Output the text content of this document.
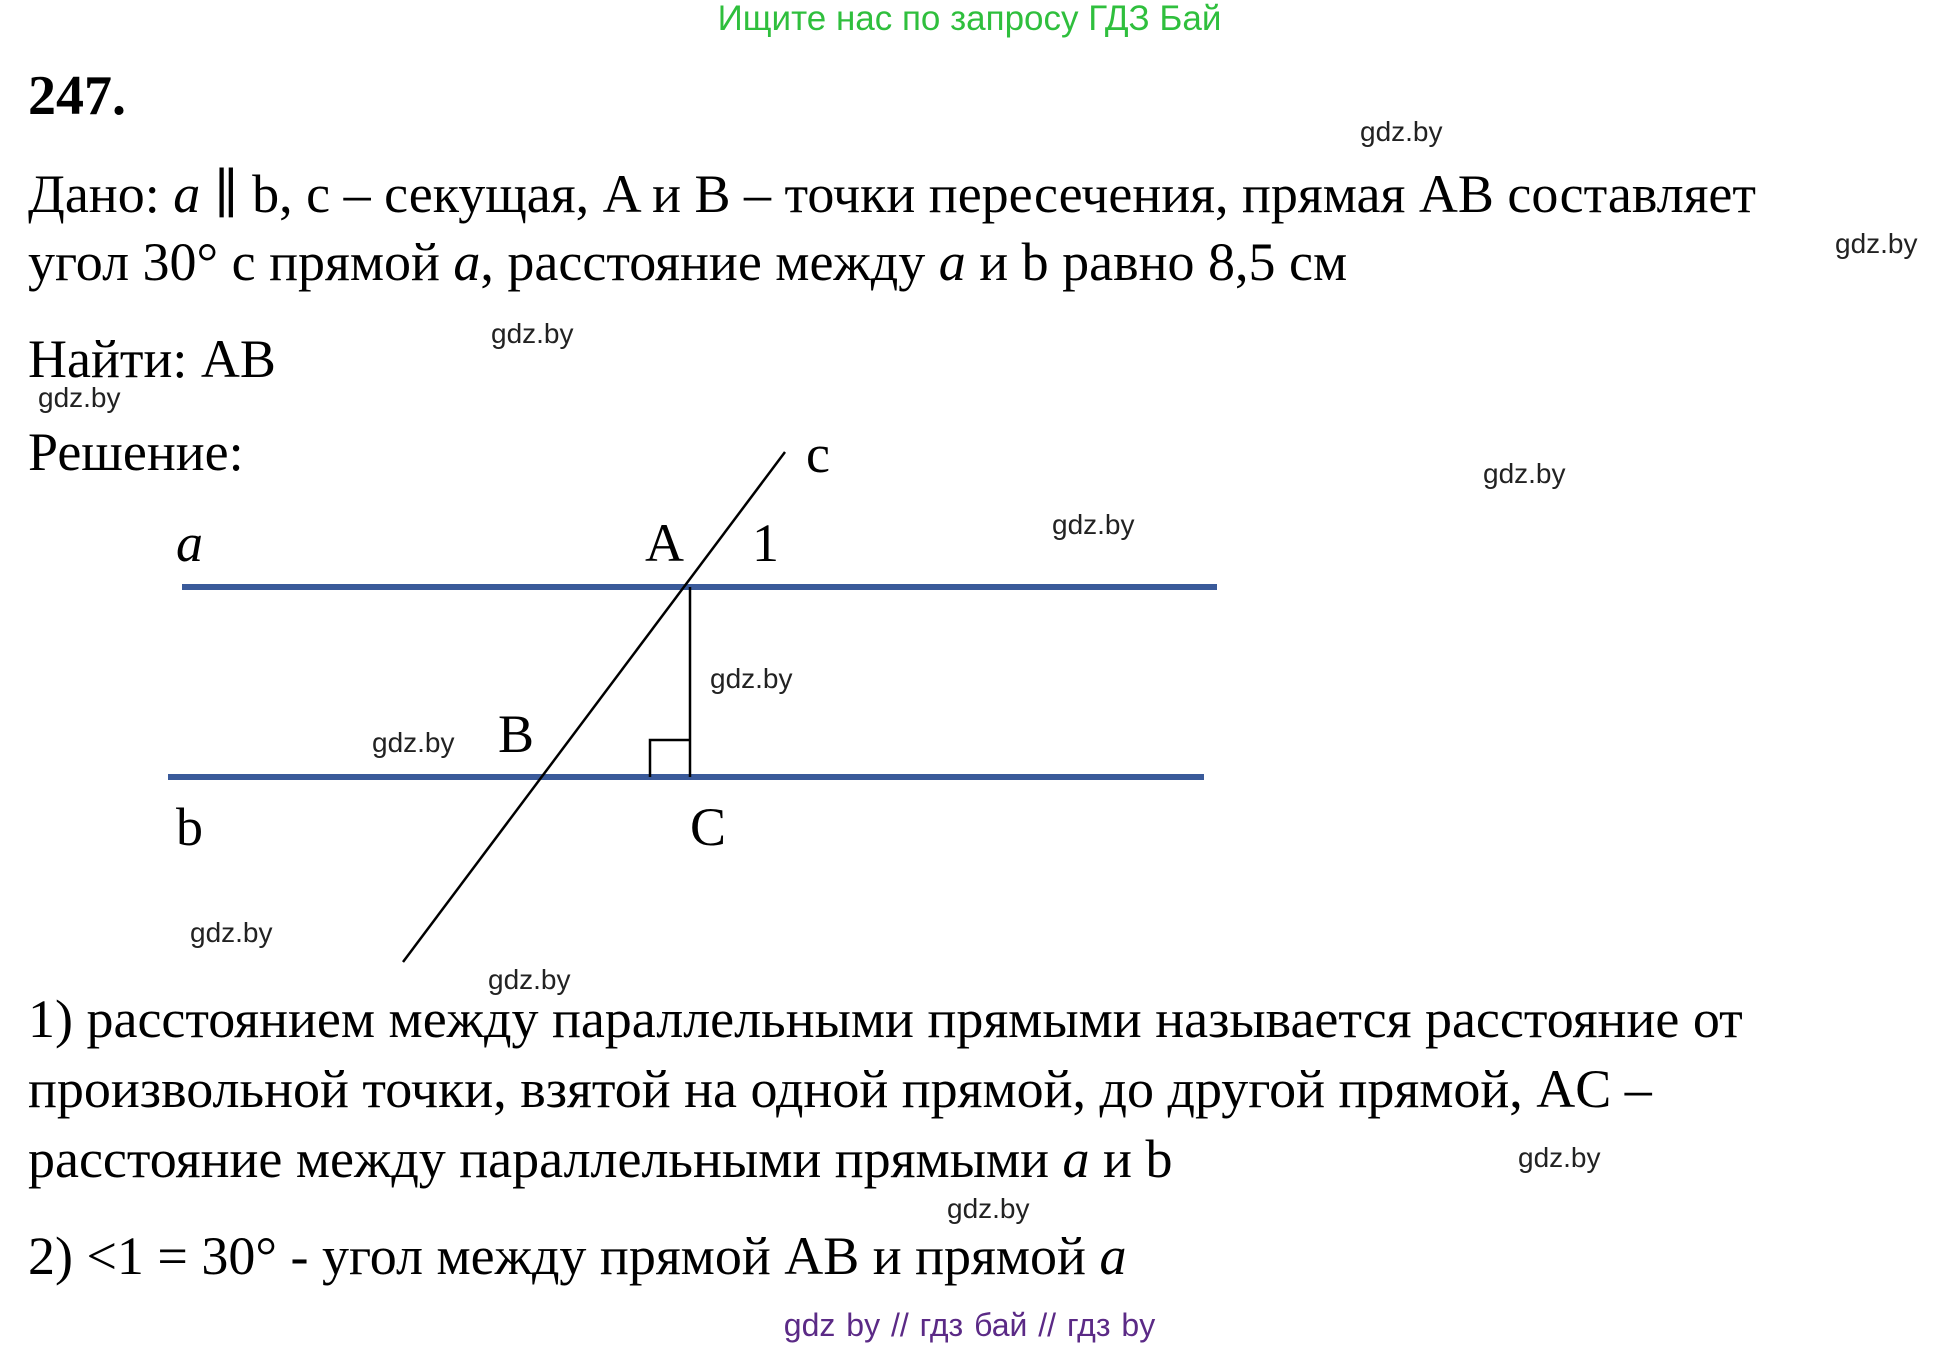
Ищите нас по запросу ГДЗ Бай
247.
Дано: a ∥ b, c – секущая, A и B – точки пересечения, прямая AB составляет
угол 30° с прямой a, расстояние между a и b равно 8,5 см
Найти: AB
Решение:
a	A 1
c
B
b	C
1) расстоянием между параллельными прямыми называется расстояние от
произвольной точки, взятой на одной прямой, до другой прямой, AC –
расстояние между параллельными прямыми a и b
2) <1 = 30° - угол между прямой AB и прямой a
gdz.by
gdz.by
gdz.by
gdz.by
gdz.by
gdz.by
gdz.by
gdz.by
gdz.by
gdz.by
gdz.by
gdz.by
gdz by // гдз бай // гдз by
